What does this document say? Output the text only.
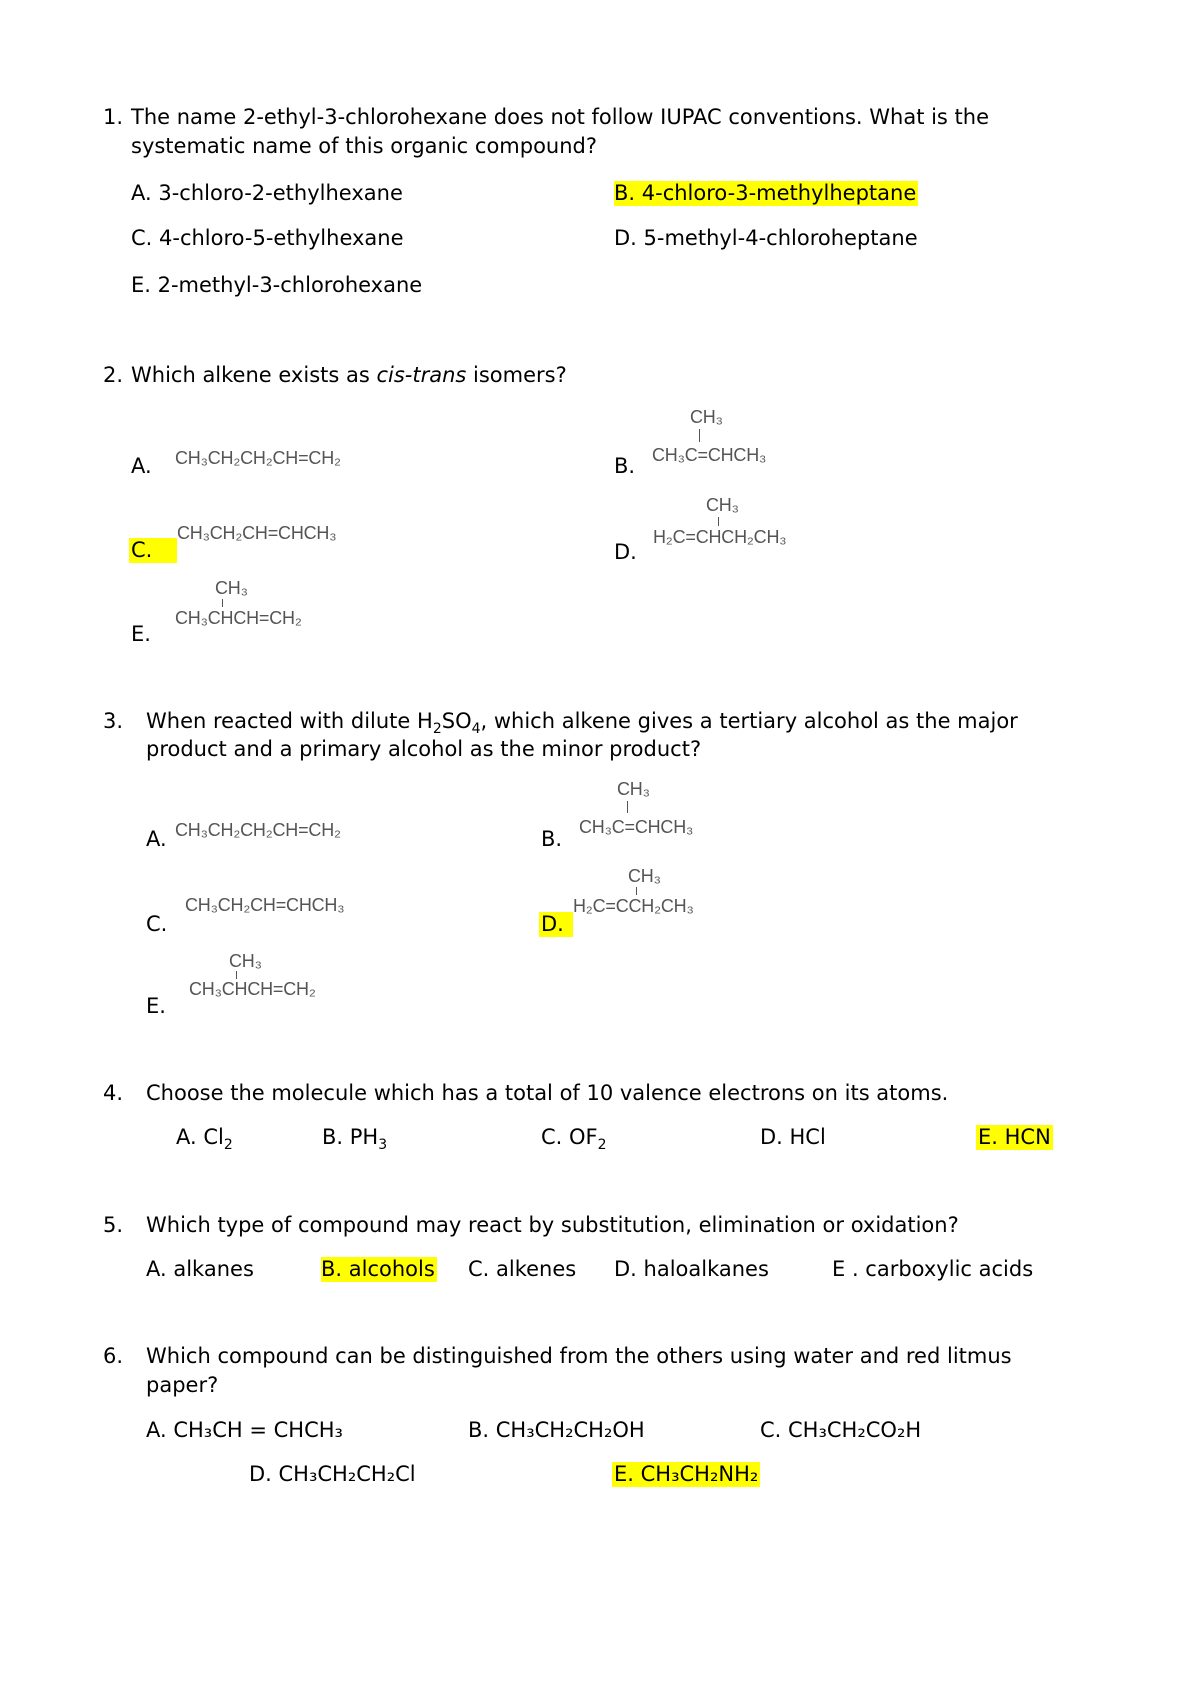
1. The name 2-ethyl-3-chlorohexane does not follow IUPAC conventions. What is the
systematic name of this organic compound?
A. 3-chloro-2-ethylhexane	B. 4-chloro-3-methylheptane
C. 4-chloro-5-ethylhexane	D. 5-methyl-4-chloroheptane
E. 2-methyl-3-chlorohexane
2. Which alkene exists as cis-trans isomers?
A. CH₃CH₂CH₂CH=CH₂	B.
CH₃
CH₃C=CHCH₃
C.
CH₃CH₂CH=CHCH₃
D.
CH₃
H₂C=CHCH₂CH₃
E.
CH₃
CH₃CHCH=CH₂
3. When reacted with dilute $H_2SO_4$, which alkene gives a tertiary alcohol as the major
product and a primary alcohol as the minor product?
A. CH₃CH₂CH₂CH=CH₂	B.
CH₃
CH₃C=CHCH₃
C.
CH₃CH₂CH=CHCH₃
D.
CH₃
H₂C=CCH₂CH₃
E.
CH₃
CH₃CHCH=CH₂
4. Choose the molecule which has a total of 10 valence electrons on its atoms.
A. $Cl_2$	B. $PH_3$	C. $OF_2$	D. HCl	E. HCN
5. Which type of compound may react by substitution, elimination or oxidation?
A. alkanes	B. alcohols C. alkenes D. haloalkanes	E . carboxylic acids
6. Which compound can be distinguished from the others using water and red litmus
paper?
A. CH₃CH = CHCH₃	B. CH₃CH₂CH₂OH	C. CH₃CH₂CO₂H
D. CH₃CH₂CH₂Cl	E. CH₃CH₂NH₂
